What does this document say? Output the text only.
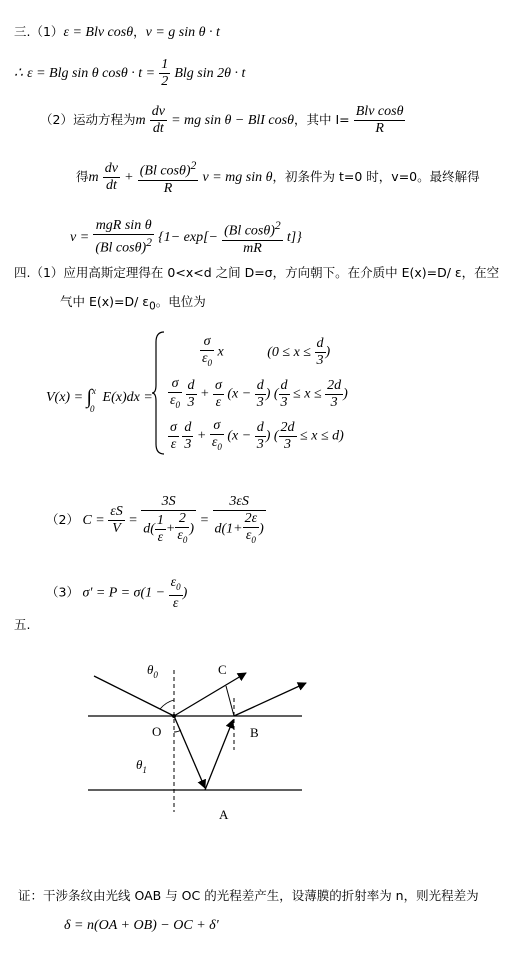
三.（1）ε = Blv cosθ，v = g sin θ · t
∴ ε = Blg sin θ $\cos\theta \cdot t = \frac{1}{2}$ Blg sin 2θ · t
（2）运动方程为m $\frac{dv}{dt}$ = mg sin θ − BlI cosθ，其中 $I= \frac{\text{Blv cosθ}}{R}$
得m $\frac{dv}{dt} + \frac{(Bl \cos\theta)^2}{R}$ v = mg sin θ，初条件为 t=0 时，v=0。最终解得
$v = \frac{\text{mgR sin θ}}{(Bl \cos\theta)^2} \{1- \exp[- \frac{(Bl \cos\theta)^2}{mR} t]\}$
四.（1）应用高斯定理得在 0<x<d 之间 D=σ，方向朝下。在介质中 E(x)=D/ ε，在空
气中 E(x)=D/ $\varepsilon_0$。电位为
V(x) = ∫ x
0
E(x)dx =
$\frac{\sigma}{\varepsilon_0}$ x	($0 \le x \le \frac{d}{3}$ )
$\frac{\sigma}{\varepsilon_0}$
$\frac{d}{3} + \frac{\sigma}{\varepsilon} (x - \frac{d}{3}$ ) ( $\frac{d}{3} \le x \le \frac{2d}{3}$ )
$\frac{\sigma}{\varepsilon}$
$\frac{d}{3} + \frac{\sigma}{\varepsilon_0} (x - \frac{d}{3}$ ) ( $\frac{2d}{3} \le x \le d$)
（2） $C = \frac{\varepsilon S}{V} = \frac{3S}{d( \frac{1}{\varepsilon} + \frac{2}{\varepsilon_0} )} = \frac{3\varepsilon S}{d(1+ \frac{2\varepsilon}{\varepsilon_0} )}$
（3） $\sigma' = P = \sigma(1 - \frac{\varepsilon_0}{\varepsilon}$ )
五.
$\theta_0$	C
O	B
$\theta_1$
A
证：干涉条纹由光线 OAB 与 OC 的光程差产生，设薄膜的折射率为 n，则光程差为
δ = n(OA + OB) − OC + δ'
